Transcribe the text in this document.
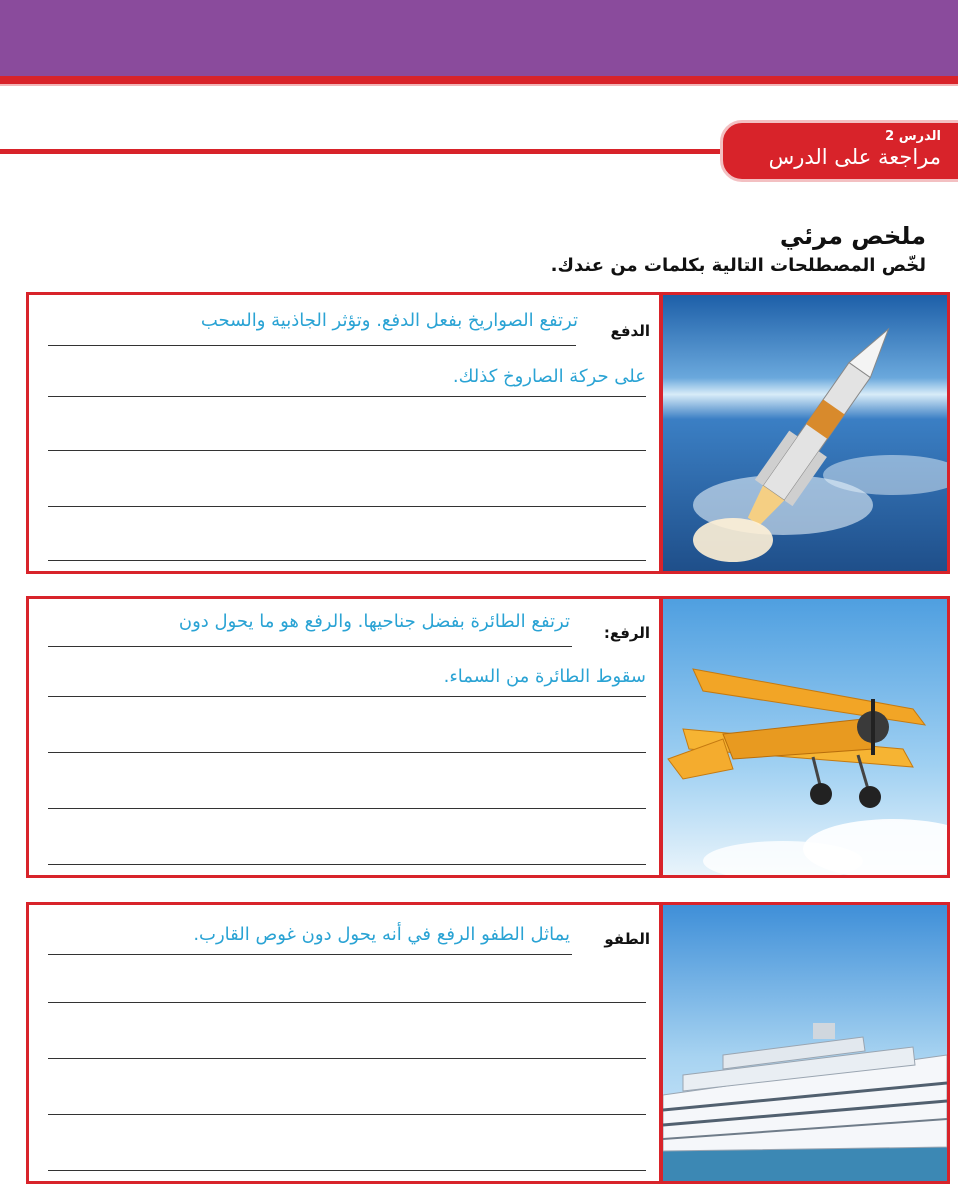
الدرس 2
مراجعة على الدرس
ملخص مرئي
لخّص المصطلحات التالية بكلمات من عندك.
الدفع
ترتفع الصواريخ بفعل الدفع. وتؤثر الجاذبية والسحب
على حركة الصاروخ كذلك.
الرفع:
ترتفع الطائرة بفضل جناحيها. والرفع هو ما يحول دون
سقوط الطائرة من السماء.
الطفو
يماثل الطفو الرفع في أنه يحول دون غوص القارب.
